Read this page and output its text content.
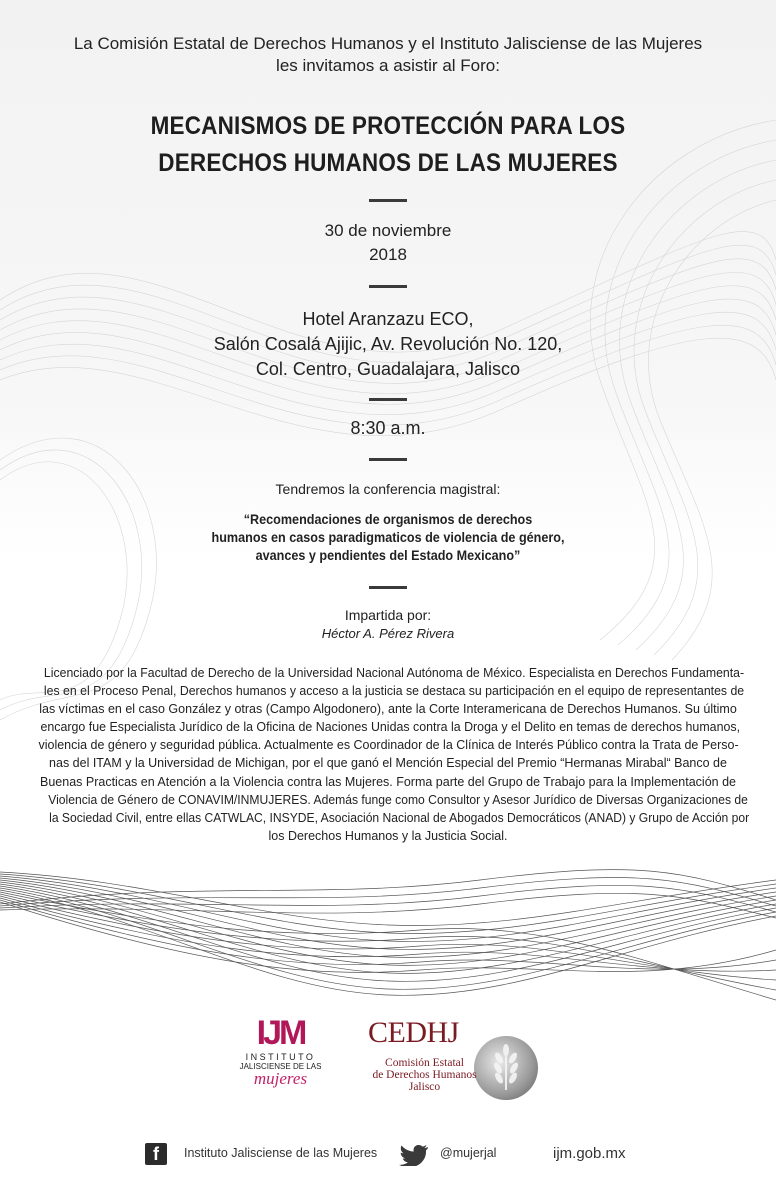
La Comisión Estatal de Derechos Humanos y el Instituto Jalisciense de las Mujeres
les invitamos a asistir al Foro:
MECANISMOS DE PROTECCIÓN PARA LOS
DERECHOS HUMANOS DE LAS MUJERES
30 de noviembre
2018
Hotel Aranzazu ECO,
Salón Cosalá Ajijic, Av. Revolución No. 120,
Col. Centro, Guadalajara, Jalisco
8:30 a.m.
Tendremos la conferencia magistral:
“Recomendaciones de organismos de derechos
humanos en casos paradigmaticos de violencia de género,
avances y pendientes del Estado Mexicano”
Impartida por:
Héctor A. Pérez Rivera
Licenciado por la Facultad de Derecho de la Universidad Nacional Autónoma de México. Especialista en Derechos Fundamenta-
les en el Proceso Penal, Derechos humanos y acceso a la justicia se destaca su participación en el equipo de representantes de
las víctimas en el caso González y otras (Campo Algodonero), ante la Corte Interamericana de Derechos Humanos. Su último
encargo fue Especialista Jurídico de la Oficina de Naciones Unidas contra la Droga y el Delito en temas de derechos humanos,
violencia de género y seguridad pública. Actualmente es Coordinador de la Clínica de Interés Público contra la Trata de Perso-
nas del ITAM y la Universidad de Michigan, por el que ganó el Mención Especial del Premio “Hermanas Mirabal“ Banco de
Buenas Practicas en Atención a la Violencia contra las Mujeres. Forma parte del Grupo de Trabajo para la Implementación de
Violencia de Género de CONAVIM/INMUJERES. Además funge como Consultor y Asesor Jurídico de Diversas Organizaciones de
la Sociedad Civil, entre ellas CATWLAC, INSYDE, Asociación Nacional de Abogados Democráticos (ANAD) y Grupo de Acción por
los Derechos Humanos y la Justicia Social.
IJM
INSTITUTO
JALISCIENSE DE LAS
mujeres
CEDHJ
Comisión Estatal
de Derechos Humanos
Jalisco
f Instituto Jalisciense de las Mujeres	@mujerjal	ijm.gob.mx
